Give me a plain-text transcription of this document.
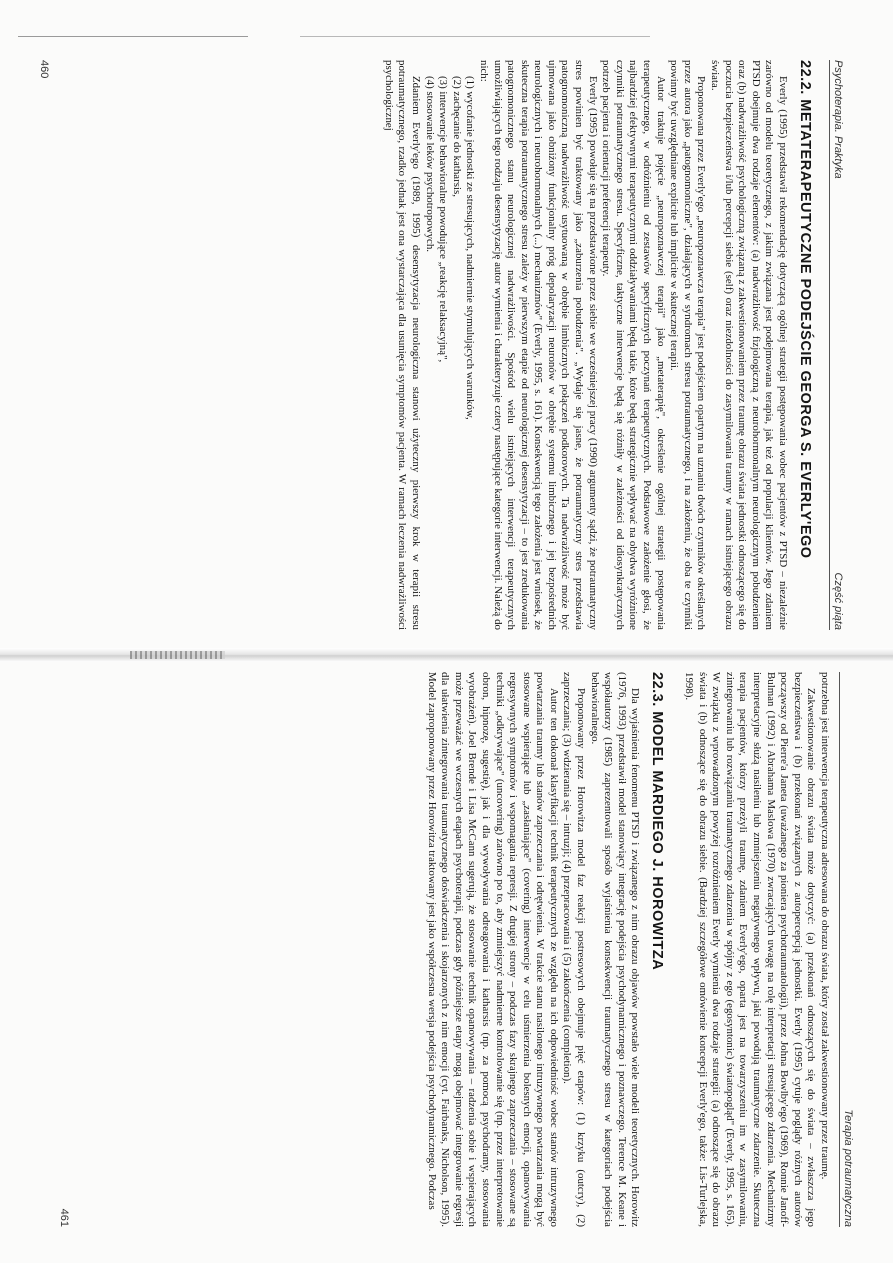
Psychoterapia. Praktyka
Część piąta
22.2. METATERAPEUTYCZNE PODEJŚCIE GEORGA S. EVERLY'EGO

Everly (1995) przedstawił rekomendację dotyczącą ogólnej strategii postępowania wobec pacjentów z PTSD – niezależnie zarówno od modelu teoretycznego, z jakim związana jest podejmowana terapia, jak też od populacji klientów. Jego zdaniem PTSD obejmuje dwa rodzaje elementów: (a) nadwrażliwość fizjologiczną z neurohormonalnym neurologicznym pobudzeniem oraz (b) nadwrażliwość psychologiczną związaną z zakwestionowaniem przez traumę obrazu świata jednostki odnoszącego się do poczucia bezpieczeństwa i/lub percepcji siebie (self) oraz niezdolności do zasymilowania traumy w ramach istniejącego obrazu świata.

Proponowana przez Everly'ego „neuropoznawcza terapia" jest podejściem opartym na uznaniu dwóch czynników określanych przez autora jako „patognomoniczne", działających w syndromach stresu potraumatycznego, i na założeniu, że oba te czynniki powinny być uwzględniane explicite lub implicite w skutecznej terapii.

Autor traktuje pojęcie „neuropoznawczej terapii" jako „metaterapię", określenie ogólnej strategii postępowania terapeutycznego, w odróżnieniu od zestawów specyficznych poczynań terapeutycznych. Podstawowe założenie głosi, że najbardziej efektywnymi terapeutycznymi oddziaływaniami będą takie, które będą strategicznie wpływać na obydwa wyróżnione czynniki potraumatycznego stresu. Specyficzne, taktyczne interwencje będą się różniły w zależności od idiosynkratycznych potrzeb pacjenta i orientacji preferencji terapeuty.

Everly (1995) powołuje się na przedstawione przez siebie we wcześniejszej pracy (1990) argumenty sądzi, że potraumatyczny stres powinien być traktowany jako „zaburzenia pobudzenia". „Wydaje się jasne, że potraumatyczny stres przedstawia patognomoniczną nadwrażliwość usytuowaną w obrębie limbicznych połączeń podkorowych. Ta nadwrażliwość może być ujmowana jako obniżony funkcjonalny próg depolaryzacji neuronów w obrębie systemu limbicznego i jej bezpośrednich neurologicznych i neurohormonalnych (...) mechanizmów" (Everly, 1995, s. 161). Konsekwencją tego założenia jest wniosek, że skuteczna terapia potraumatycznego stresu zależy w pierwszym etapie od neurologicznej desensytyzacji – to jest zredukowania patognomonicznego stanu neurologicznej nadwrażliwości. Spośród wielu istniejących interwencji terapeutycznych umożliwiających tego rodzaju desensytyzację autor wymienia i charakteryzuje cztery następujące kategorie interwencji. Należą do nich:

(1) wycofanie jednostki ze stresujących, nadmiernie stymulujących warunków,
(2) zachęcanie do katharsis,
(3) interwencje behawioralne powodujące „reakcję relaksacyjną",
(4) stosowanie leków psychotropowych.

Zdaniem Everly'ego (1989, 1995) desensytyzacja neurologiczna stanowi użyteczny pierwszy krok w terapii stresu potraumatycznego, rzadko jednak jest ona wystarczająca dla usunięcia symptomów pacjenta. W ramach leczenia nadwrażliwości psychologicznej

460
Terapia potraumatyczna

potrzebna jest interwencja terapeutyczna adresowana do obrazu świata, który został zakwestionowany przez traumę.

Zakwestionowanie obrazu świata może dotyczyć: (a) przekonań odnoszących się do świata – zwłaszcza jego bezpieczeństwa i (b) przekonań związanych z autopercepcją jednostki. Everly (1995) cytuje poglądy różnych autorów począwszy od Pierre'a Janeta (uważanego za pioniera psychotraumatologii), przez Johna Bowlby'ego (1969), Ronnie Janoff-Bulman (1992) i Abrahama Maslowa (1970) zwracających uwagę na rolę interpretacji stresującego zdarzenia. Mechanizmy interpretacyjne służą nasileniu lub zmniejszeniu negatywnego wpływu, jaki powodują traumatyczne zdarzenie. Skuteczna terapia pacjentów, którzy przeżyli traumę, zdaniem Everly'ego, oparta jest na towarzyszeniu im w zasymilowaniu, zintegrowaniu lub rozwiązaniu traumatycznego zdarzenia w spójny z ego (egosyntonic) światopogląd" (Everly, 1995, s. 165). W związku z wprowadzonym powyżej rozróżnieniem Everly wymienia dwa rodzaje strategii: (a) odnoszące się do obrazu świata i (b) odnoszące się do obrazu siebie. (Bardziej szczegółowe omówienie koncepcji Everly'ego, także: Lis-Turlejska, 1998).

22.3. MODEL MARDIEGO J. HOROWITZA

Dla wyjaśnienia fenomenu PTSD i związanego z nim obrazu objawów powstało wiele modeli teoretycznych. Horowitz (1976, 1993) przedstawił model stanowiący integrację podejścia psychodynamicznego i poznawczego. Terence M. Keane i współautorzy (1985) zaprezentowali sposób wyjaśnienia konsekwencji traumatycznego stresu w kategoriach podejścia behawioralnego.

Proponowany przez Horowitza model faz reakcji postresowych obejmuje pięć etapów: (1) krzyku (outcry), (2) zaprzeczania; (3) wdzierania się – intruzji; (4) przepracowania i (5) zakończenia (completion).

Autor ten dokonał klasyfikacji technik terapeutycznych ze względu na ich odpowiedniość wobec stanów intruzywnego powtarzania traumy lub stanów zaprzeczania i odrętwienia. W trakcie stanu nasilonego intruzywnego powtarzania mogą być stosowane wspierające lub „zasłaniające" (covering) interwencje w celu uśmierzenia bolesnych emocji, opanowywania regresywnych symptomów i wspomagania represji. Z drugiej strony – podczas fazy skrajnego zaprzeczania – stosowane są techniki „odkrywające" (uncovering) zarówno po to, aby zmniejszyć nadmierne kontrolowanie się (np. przez interpretowanie obron, hipnozę, sugestię), jak i dla wywoływania odreagowania i katharsis (np. za pomocą psychodramy, stosowania wyobrażeń). Joel Brende i Lisa McCann sugerują, że stosowanie technik opanowywania – radzenia sobie i wspierających może przeważać we wczesnych etapach psychoterapii, podczas gdy późniejsze etapy mogą obejmować integrowanie regresji dla ułatwienia zintegrowania traumatycznego doświadczenia i skojarzonych z nim emocji (cyt. Fairbanks, Nicholson, 1995). Model zaproponowany przez Horowitza traktowany jest jako współczesna wersja podejścia psychodynamicznego. Podczas

461
